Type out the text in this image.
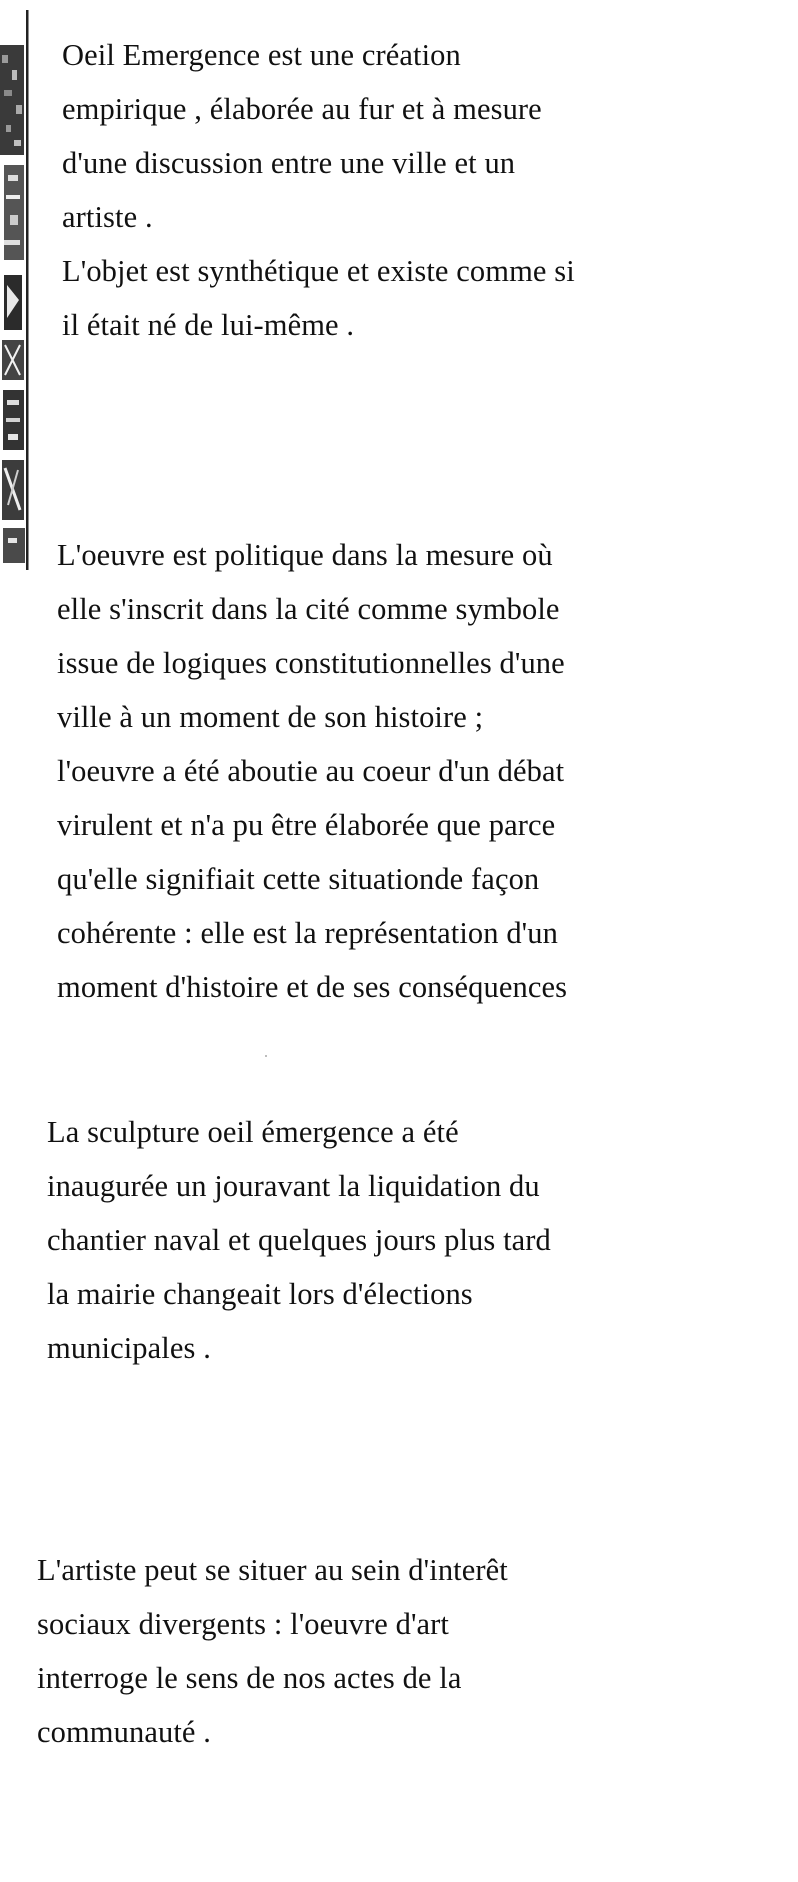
Oeil Emergence est une création
empirique , élaborée au fur et à mesure
d'une discussion entre une ville et un
artiste .
L'objet est synthétique et existe comme si
il était né de lui-même .
L'oeuvre est politique dans la mesure où
elle s'inscrit dans la cité comme symbole
issue de logiques constitutionnelles d'une
ville à un moment de son histoire ;
l'oeuvre a été aboutie au coeur d'un débat
virulent et n'a pu être élaborée que parce
qu'elle signifiait cette situationde façon
cohérente : elle est la représentation d'un
moment d'histoire et de ses conséquences
La sculpture oeil émergence a été
inaugurée un jouravant la liquidation du
chantier naval et quelques jours plus tard
la mairie changeait lors d'élections
municipales .
L'artiste peut se situer au sein d'interêt
sociaux divergents : l'oeuvre d'art
interroge le sens de nos actes de la
communauté .
